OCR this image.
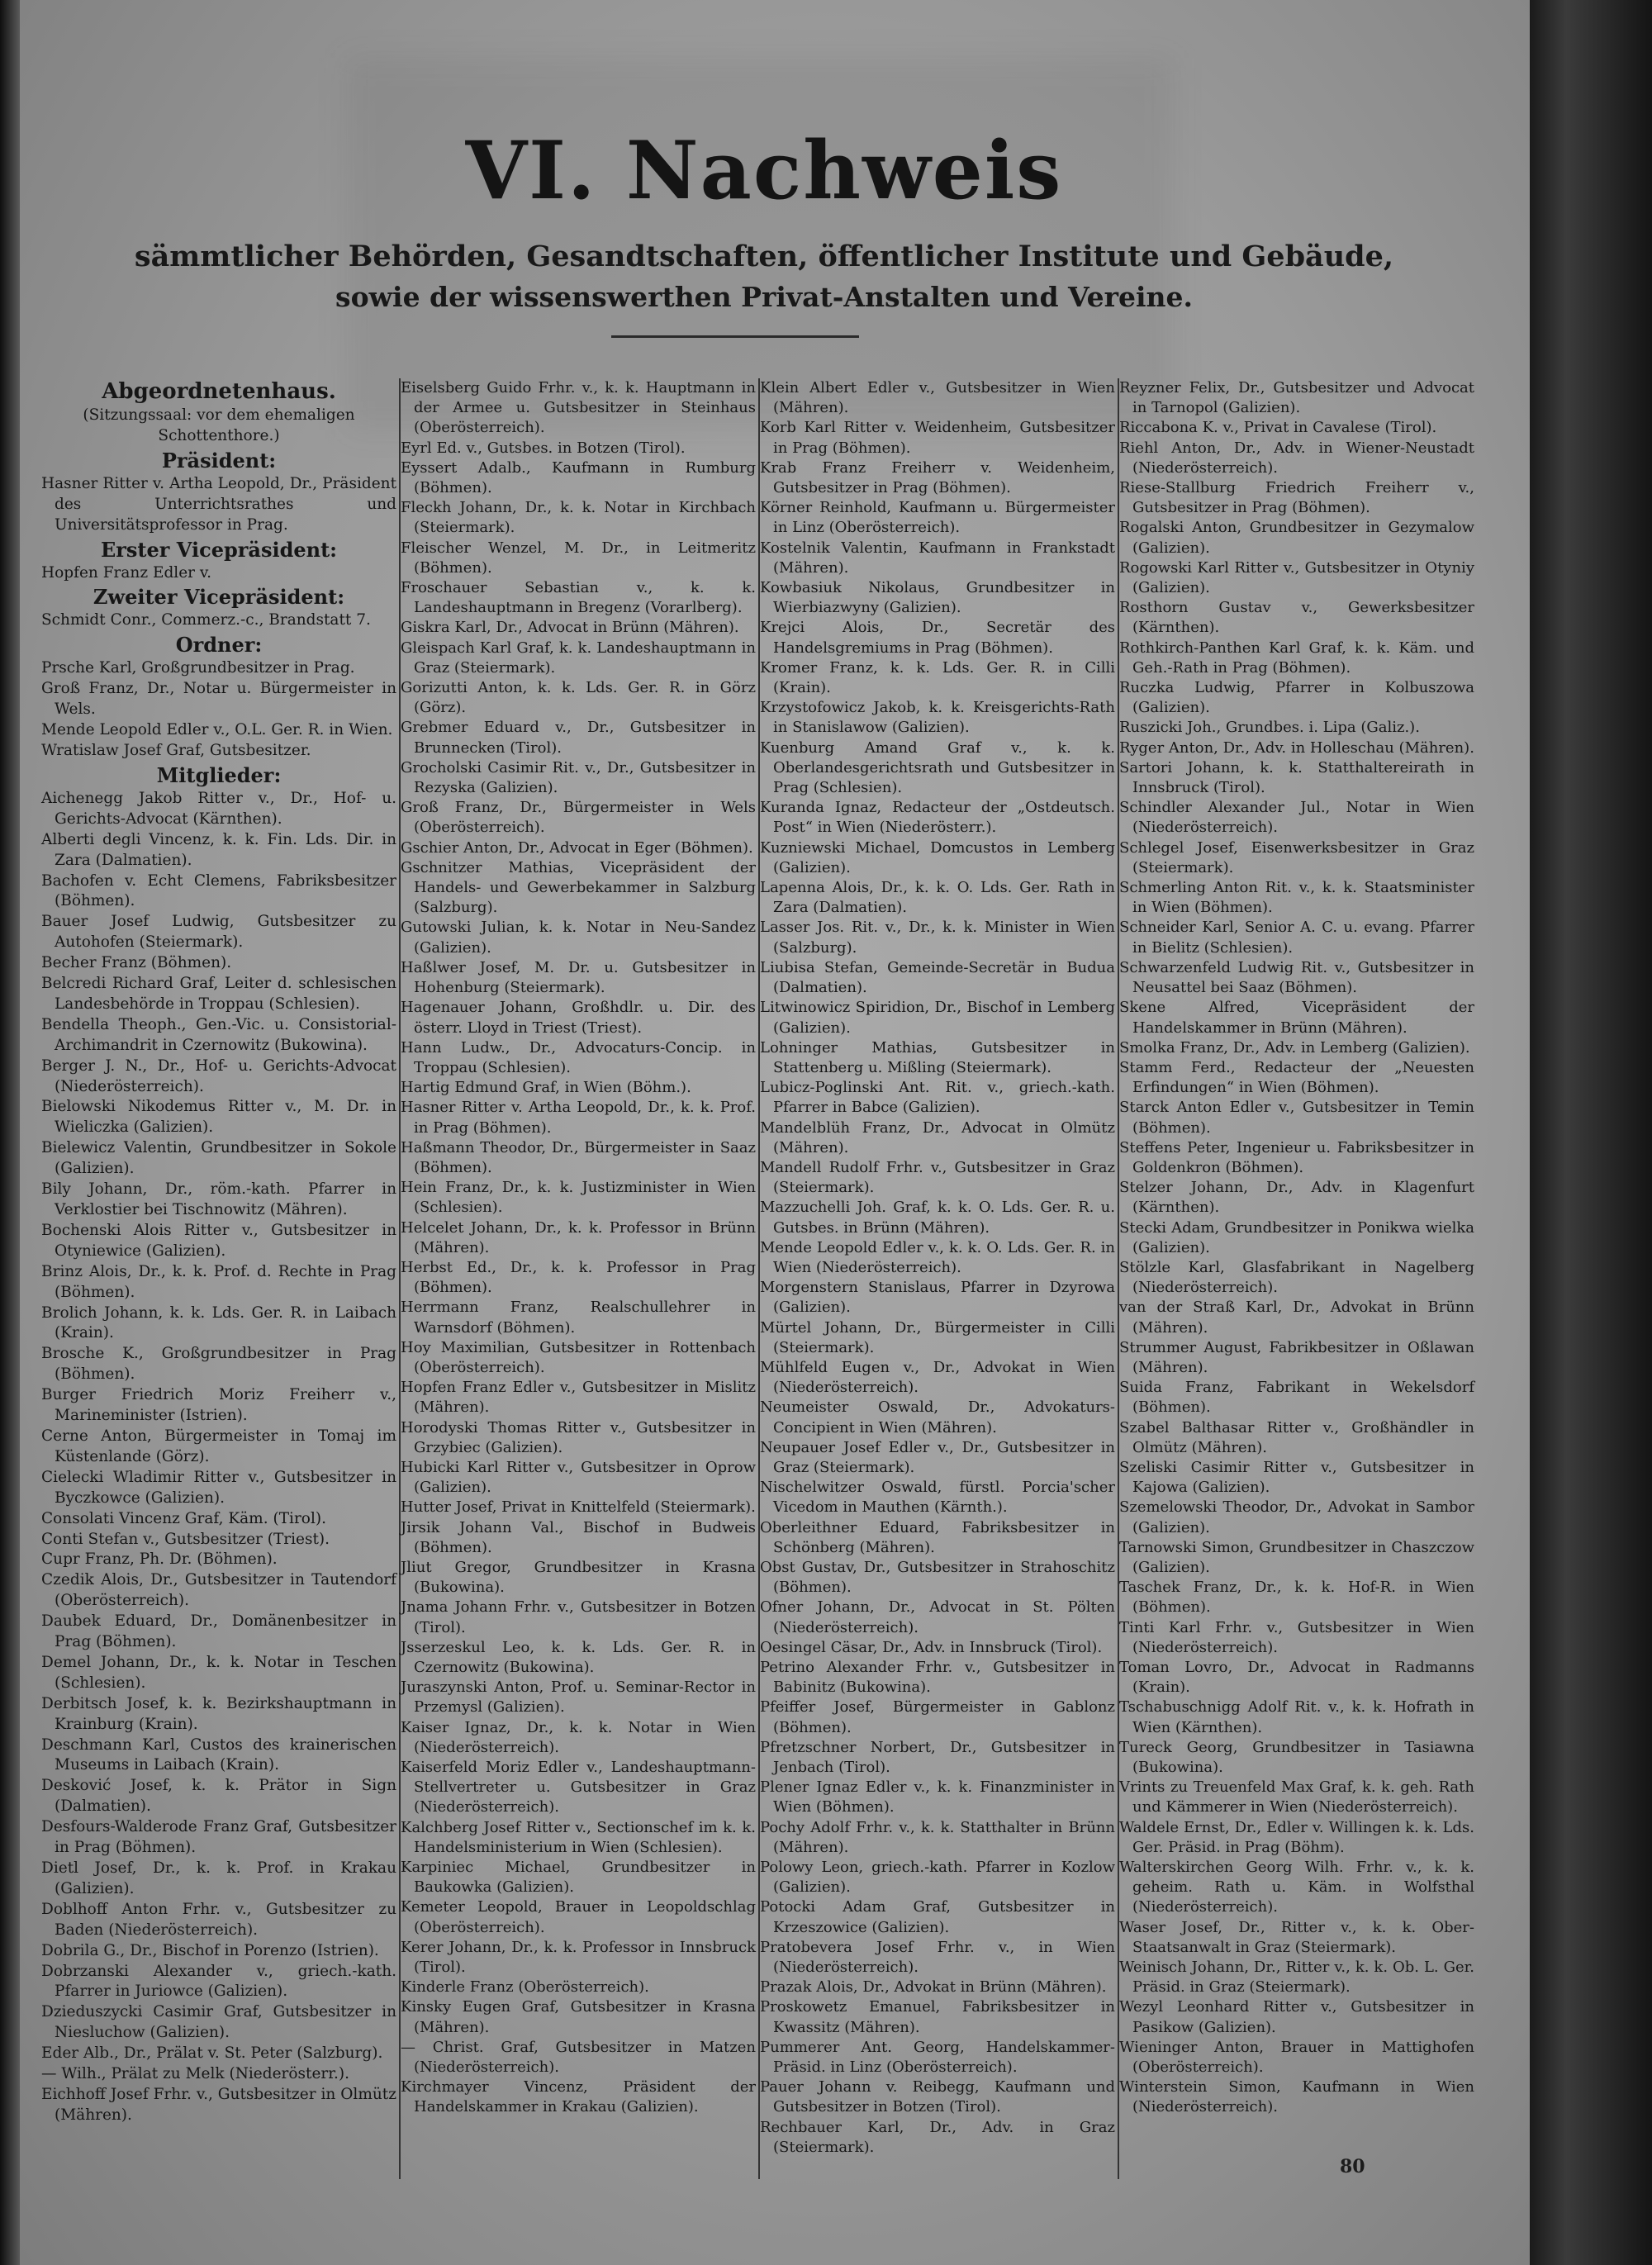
VI. Nachweis
sämmtlicher Behörden, Gesandtschaften, öffentlicher Institute und Gebäude,
sowie der wissenswerthen Privat-Anstalten und Vereine.
Abgeordnetenhaus.
(Sitzungssaal: vor dem ehemaligen Schottenthore.)
Präsident:
Hasner Ritter v. Artha Leopold, Dr., Präsident des Unterrichtsrathes und Universitätsprofessor in Prag.
Erster Vicepräsident:
Hopfen Franz Edler v.
Zweiter Vicepräsident:
Schmidt Conr., Commerz.-c., Brandstatt 7.
Ordner:
Prsche Karl, Großgrundbesitzer in Prag.
Groß Franz, Dr., Notar u. Bürgermeister in Wels.
Mende Leopold Edler v., O.L. Ger. R. in Wien.
Wratislaw Josef Graf, Gutsbesitzer.
Mitglieder:
Aichenegg Jakob Ritter v., Dr., Hof- u. Gerichts-Advocat (Kärnthen).
Alberti degli Vincenz, k. k. Fin. Lds. Dir. in Zara (Dalmatien).
Bachofen v. Echt Clemens, Fabriksbesitzer (Böhmen).
Bauer Josef Ludwig, Gutsbesitzer zu Autohofen (Steiermark).
Becher Franz (Böhmen).
Belcredi Richard Graf, Leiter d. schlesischen Landesbehörde in Troppau (Schlesien).
Bendella Theoph., Gen.-Vic. u. Consistorial-Archimandrit in Czernowitz (Bukowina).
Berger J. N., Dr., Hof- u. Gerichts-Advocat (Niederösterreich).
Bielowski Nikodemus Ritter v., M. Dr. in Wieliczka (Galizien).
Bielewicz Valentin, Grundbesitzer in Sokole (Galizien).
Bily Johann, Dr., röm.-kath. Pfarrer in Verklostier bei Tischnowitz (Mähren).
Bochenski Alois Ritter v., Gutsbesitzer in Otyniewice (Galizien).
Brinz Alois, Dr., k. k. Prof. d. Rechte in Prag (Böhmen).
Brolich Johann, k. k. Lds. Ger. R. in Laibach (Krain).
Brosche K., Großgrundbesitzer in Prag (Böhmen).
Burger Friedrich Moriz Freiherr v., Marineminister (Istrien).
Cerne Anton, Bürgermeister in Tomaj im Küstenlande (Görz).
Cielecki Wladimir Ritter v., Gutsbesitzer in Byczkowce (Galizien).
Consolati Vincenz Graf, Käm. (Tirol).
Conti Stefan v., Gutsbesitzer (Triest).
Cupr Franz, Ph. Dr. (Böhmen).
Czedik Alois, Dr., Gutsbesitzer in Tautendorf (Oberösterreich).
Daubek Eduard, Dr., Domänenbesitzer in Prag (Böhmen).
Demel Johann, Dr., k. k. Notar in Teschen (Schlesien).
Derbitsch Josef, k. k. Bezirkshauptmann in Krainburg (Krain).
Deschmann Karl, Custos des krainerischen Museums in Laibach (Krain).
Desković Josef, k. k. Prätor in Sign (Dalmatien).
Desfours-Walderode Franz Graf, Gutsbesitzer in Prag (Böhmen).
Dietl Josef, Dr., k. k. Prof. in Krakau (Galizien).
Doblhoff Anton Frhr. v., Gutsbesitzer zu Baden (Niederösterreich).
Dobrila G., Dr., Bischof in Porenzo (Istrien).
Dobrzanski Alexander v., griech.-kath. Pfarrer in Juriowce (Galizien).
Dzieduszycki Casimir Graf, Gutsbesitzer in Niesluchow (Galizien).
Eder Alb., Dr., Prälat v. St. Peter (Salzburg).
— Wilh., Prälat zu Melk (Niederösterr.).
Eichhoff Josef Frhr. v., Gutsbesitzer in Olmütz (Mähren).
Eiselsberg Guido Frhr. v., k. k. Hauptmann in der Armee u. Gutsbesitzer in Steinhaus (Oberösterreich).
Eyrl Ed. v., Gutsbes. in Botzen (Tirol).
Eyssert Adalb., Kaufmann in Rumburg (Böhmen).
Fleckh Johann, Dr., k. k. Notar in Kirchbach (Steiermark).
Fleischer Wenzel, M. Dr., in Leitmeritz (Böhmen).
Froschauer Sebastian v., k. k. Landeshauptmann in Bregenz (Vorarlberg).
Giskra Karl, Dr., Advocat in Brünn (Mähren).
Gleispach Karl Graf, k. k. Landeshauptmann in Graz (Steiermark).
Gorizutti Anton, k. k. Lds. Ger. R. in Görz (Görz).
Grebmer Eduard v., Dr., Gutsbesitzer in Brunnecken (Tirol).
Grocholski Casimir Rit. v., Dr., Gutsbesitzer in Rezyska (Galizien).
Groß Franz, Dr., Bürgermeister in Wels (Oberösterreich).
Gschier Anton, Dr., Advocat in Eger (Böhmen).
Gschnitzer Mathias, Vicepräsident der Handels- und Gewerbekammer in Salzburg (Salzburg).
Gutowski Julian, k. k. Notar in Neu-Sandez (Galizien).
Haßlwer Josef, M. Dr. u. Gutsbesitzer in Hohenburg (Steiermark).
Hagenauer Johann, Großhdlr. u. Dir. des österr. Lloyd in Triest (Triest).
Hann Ludw., Dr., Advocaturs-Concip. in Troppau (Schlesien).
Hartig Edmund Graf, in Wien (Böhm.).
Hasner Ritter v. Artha Leopold, Dr., k. k. Prof. in Prag (Böhmen).
Haßmann Theodor, Dr., Bürgermeister in Saaz (Böhmen).
Hein Franz, Dr., k. k. Justizminister in Wien (Schlesien).
Helcelet Johann, Dr., k. k. Professor in Brünn (Mähren).
Herbst Ed., Dr., k. k. Professor in Prag (Böhmen).
Herrmann Franz, Realschullehrer in Warnsdorf (Böhmen).
Hoy Maximilian, Gutsbesitzer in Rottenbach (Oberösterreich).
Hopfen Franz Edler v., Gutsbesitzer in Mislitz (Mähren).
Horodyski Thomas Ritter v., Gutsbesitzer in Grzybiec (Galizien).
Hubicki Karl Ritter v., Gutsbesitzer in Oprow (Galizien).
Hutter Josef, Privat in Knittelfeld (Steiermark).
Jirsik Johann Val., Bischof in Budweis (Böhmen).
Jliut Gregor, Grundbesitzer in Krasna (Bukowina).
Jnama Johann Frhr. v., Gutsbesitzer in Botzen (Tirol).
Jsserzeskul Leo, k. k. Lds. Ger. R. in Czernowitz (Bukowina).
Juraszynski Anton, Prof. u. Seminar-Rector in Przemysl (Galizien).
Kaiser Ignaz, Dr., k. k. Notar in Wien (Niederösterreich).
Kaiserfeld Moriz Edler v., Landeshauptmann-Stellvertreter u. Gutsbesitzer in Graz (Niederösterreich).
Kalchberg Josef Ritter v., Sectionschef im k. k. Handelsministerium in Wien (Schlesien).
Karpiniec Michael, Grundbesitzer in Baukowka (Galizien).
Kemeter Leopold, Brauer in Leopoldschlag (Oberösterreich).
Kerer Johann, Dr., k. k. Professor in Innsbruck (Tirol).
Kinderle Franz (Oberösterreich).
Kinsky Eugen Graf, Gutsbesitzer in Krasna (Mähren).
— Christ. Graf, Gutsbesitzer in Matzen (Niederösterreich).
Kirchmayer Vincenz, Präsident der Handelskammer in Krakau (Galizien).
Klein Albert Edler v., Gutsbesitzer in Wien (Mähren).
Korb Karl Ritter v. Weidenheim, Gutsbesitzer in Prag (Böhmen).
Krab Franz Freiherr v. Weidenheim, Gutsbesitzer in Prag (Böhmen).
Körner Reinhold, Kaufmann u. Bürgermeister in Linz (Oberösterreich).
Kostelnik Valentin, Kaufmann in Frankstadt (Mähren).
Kowbasiuk Nikolaus, Grundbesitzer in Wierbiazwyny (Galizien).
Krejci Alois, Dr., Secretär des Handelsgremiums in Prag (Böhmen).
Kromer Franz, k. k. Lds. Ger. R. in Cilli (Krain).
Krzystofowicz Jakob, k. k. Kreisgerichts-Rath in Stanislawow (Galizien).
Kuenburg Amand Graf v., k. k. Oberlandesgerichtsrath und Gutsbesitzer in Prag (Schlesien).
Kuranda Ignaz, Redacteur der „Ostdeutsch. Post“ in Wien (Niederösterr.).
Kuzniewski Michael, Domcustos in Lemberg (Galizien).
Lapenna Alois, Dr., k. k. O. Lds. Ger. Rath in Zara (Dalmatien).
Lasser Jos. Rit. v., Dr., k. k. Minister in Wien (Salzburg).
Liubisa Stefan, Gemeinde-Secretär in Budua (Dalmatien).
Litwinowicz Spiridion, Dr., Bischof in Lemberg (Galizien).
Lohninger Mathias, Gutsbesitzer in Stattenberg u. Mißling (Steiermark).
Lubicz-Poglinski Ant. Rit. v., griech.-kath. Pfarrer in Babce (Galizien).
Mandelblüh Franz, Dr., Advocat in Olmütz (Mähren).
Mandell Rudolf Frhr. v., Gutsbesitzer in Graz (Steiermark).
Mazzuchelli Joh. Graf, k. k. O. Lds. Ger. R. u. Gutsbes. in Brünn (Mähren).
Mende Leopold Edler v., k. k. O. Lds. Ger. R. in Wien (Niederösterreich).
Morgenstern Stanislaus, Pfarrer in Dzyrowa (Galizien).
Mürtel Johann, Dr., Bürgermeister in Cilli (Steiermark).
Mühlfeld Eugen v., Dr., Advokat in Wien (Niederösterreich).
Neumeister Oswald, Dr., Advokaturs-Concipient in Wien (Mähren).
Neupauer Josef Edler v., Dr., Gutsbesitzer in Graz (Steiermark).
Nischelwitzer Oswald, fürstl. Porcia'scher Vicedom in Mauthen (Kärnth.).
Oberleithner Eduard, Fabriksbesitzer in Schönberg (Mähren).
Obst Gustav, Dr., Gutsbesitzer in Strahoschitz (Böhmen).
Ofner Johann, Dr., Advocat in St. Pölten (Niederösterreich).
Oesingel Cäsar, Dr., Adv. in Innsbruck (Tirol).
Petrino Alexander Frhr. v., Gutsbesitzer in Babinitz (Bukowina).
Pfeiffer Josef, Bürgermeister in Gablonz (Böhmen).
Pfretzschner Norbert, Dr., Gutsbesitzer in Jenbach (Tirol).
Plener Ignaz Edler v., k. k. Finanzminister in Wien (Böhmen).
Pochy Adolf Frhr. v., k. k. Statthalter in Brünn (Mähren).
Polowy Leon, griech.-kath. Pfarrer in Kozlow (Galizien).
Potocki Adam Graf, Gutsbesitzer in Krzeszowice (Galizien).
Pratobevera Josef Frhr. v., in Wien (Niederösterreich).
Prazak Alois, Dr., Advokat in Brünn (Mähren).
Proskowetz Emanuel, Fabriksbesitzer in Kwassitz (Mähren).
Pummerer Ant. Georg, Handelskammer-Präsid. in Linz (Oberösterreich).
Pauer Johann v. Reibegg, Kaufmann und Gutsbesitzer in Botzen (Tirol).
Rechbauer Karl, Dr., Adv. in Graz (Steiermark).
Reyzner Felix, Dr., Gutsbesitzer und Advocat in Tarnopol (Galizien).
Riccabona K. v., Privat in Cavalese (Tirol).
Riehl Anton, Dr., Adv. in Wiener-Neustadt (Niederösterreich).
Riese-Stallburg Friedrich Freiherr v., Gutsbesitzer in Prag (Böhmen).
Rogalski Anton, Grundbesitzer in Gezymalow (Galizien).
Rogowski Karl Ritter v., Gutsbesitzer in Otyniy (Galizien).
Rosthorn Gustav v., Gewerksbesitzer (Kärnthen).
Rothkirch-Panthen Karl Graf, k. k. Käm. und Geh.-Rath in Prag (Böhmen).
Ruczka Ludwig, Pfarrer in Kolbuszowa (Galizien).
Ruszicki Joh., Grundbes. i. Lipa (Galiz.).
Ryger Anton, Dr., Adv. in Holleschau (Mähren).
Sartori Johann, k. k. Statthaltereirath in Innsbruck (Tirol).
Schindler Alexander Jul., Notar in Wien (Niederösterreich).
Schlegel Josef, Eisenwerksbesitzer in Graz (Steiermark).
Schmerling Anton Rit. v., k. k. Staatsminister in Wien (Böhmen).
Schneider Karl, Senior A. C. u. evang. Pfarrer in Bielitz (Schlesien).
Schwarzenfeld Ludwig Rit. v., Gutsbesitzer in Neusattel bei Saaz (Böhmen).
Skene Alfred, Vicepräsident der Handelskammer in Brünn (Mähren).
Smolka Franz, Dr., Adv. in Lemberg (Galizien).
Stamm Ferd., Redacteur der „Neuesten Erfindungen“ in Wien (Böhmen).
Starck Anton Edler v., Gutsbesitzer in Temin (Böhmen).
Steffens Peter, Ingenieur u. Fabriksbesitzer in Goldenkron (Böhmen).
Stelzer Johann, Dr., Adv. in Klagenfurt (Kärnthen).
Stecki Adam, Grundbesitzer in Ponikwa wielka (Galizien).
Stölzle Karl, Glasfabrikant in Nagelberg (Niederösterreich).
van der Straß Karl, Dr., Advokat in Brünn (Mähren).
Strummer August, Fabrikbesitzer in Oßlawan (Mähren).
Suida Franz, Fabrikant in Wekelsdorf (Böhmen).
Szabel Balthasar Ritter v., Großhändler in Olmütz (Mähren).
Szeliski Casimir Ritter v., Gutsbesitzer in Kajowa (Galizien).
Szemelowski Theodor, Dr., Advokat in Sambor (Galizien).
Tarnowski Simon, Grundbesitzer in Chaszczow (Galizien).
Taschek Franz, Dr., k. k. Hof-R. in Wien (Böhmen).
Tinti Karl Frhr. v., Gutsbesitzer in Wien (Niederösterreich).
Toman Lovro, Dr., Advocat in Radmanns (Krain).
Tschabuschnigg Adolf Rit. v., k. k. Hofrath in Wien (Kärnthen).
Tureck Georg, Grundbesitzer in Tasiawna (Bukowina).
Vrints zu Treuenfeld Max Graf, k. k. geh. Rath und Kämmerer in Wien (Niederösterreich).
Waldele Ernst, Dr., Edler v. Willingen k. k. Lds. Ger. Präsid. in Prag (Böhm).
Walterskirchen Georg Wilh. Frhr. v., k. k. geheim. Rath u. Käm. in Wolfsthal (Niederösterreich).
Waser Josef, Dr., Ritter v., k. k. Ober-Staatsanwalt in Graz (Steiermark).
Weinisch Johann, Dr., Ritter v., k. k. Ob. L. Ger. Präsid. in Graz (Steiermark).
Wezyl Leonhard Ritter v., Gutsbesitzer in Pasikow (Galizien).
Wieninger Anton, Brauer in Mattighofen (Oberösterreich).
Winterstein Simon, Kaufmann in Wien (Niederösterreich).
80
